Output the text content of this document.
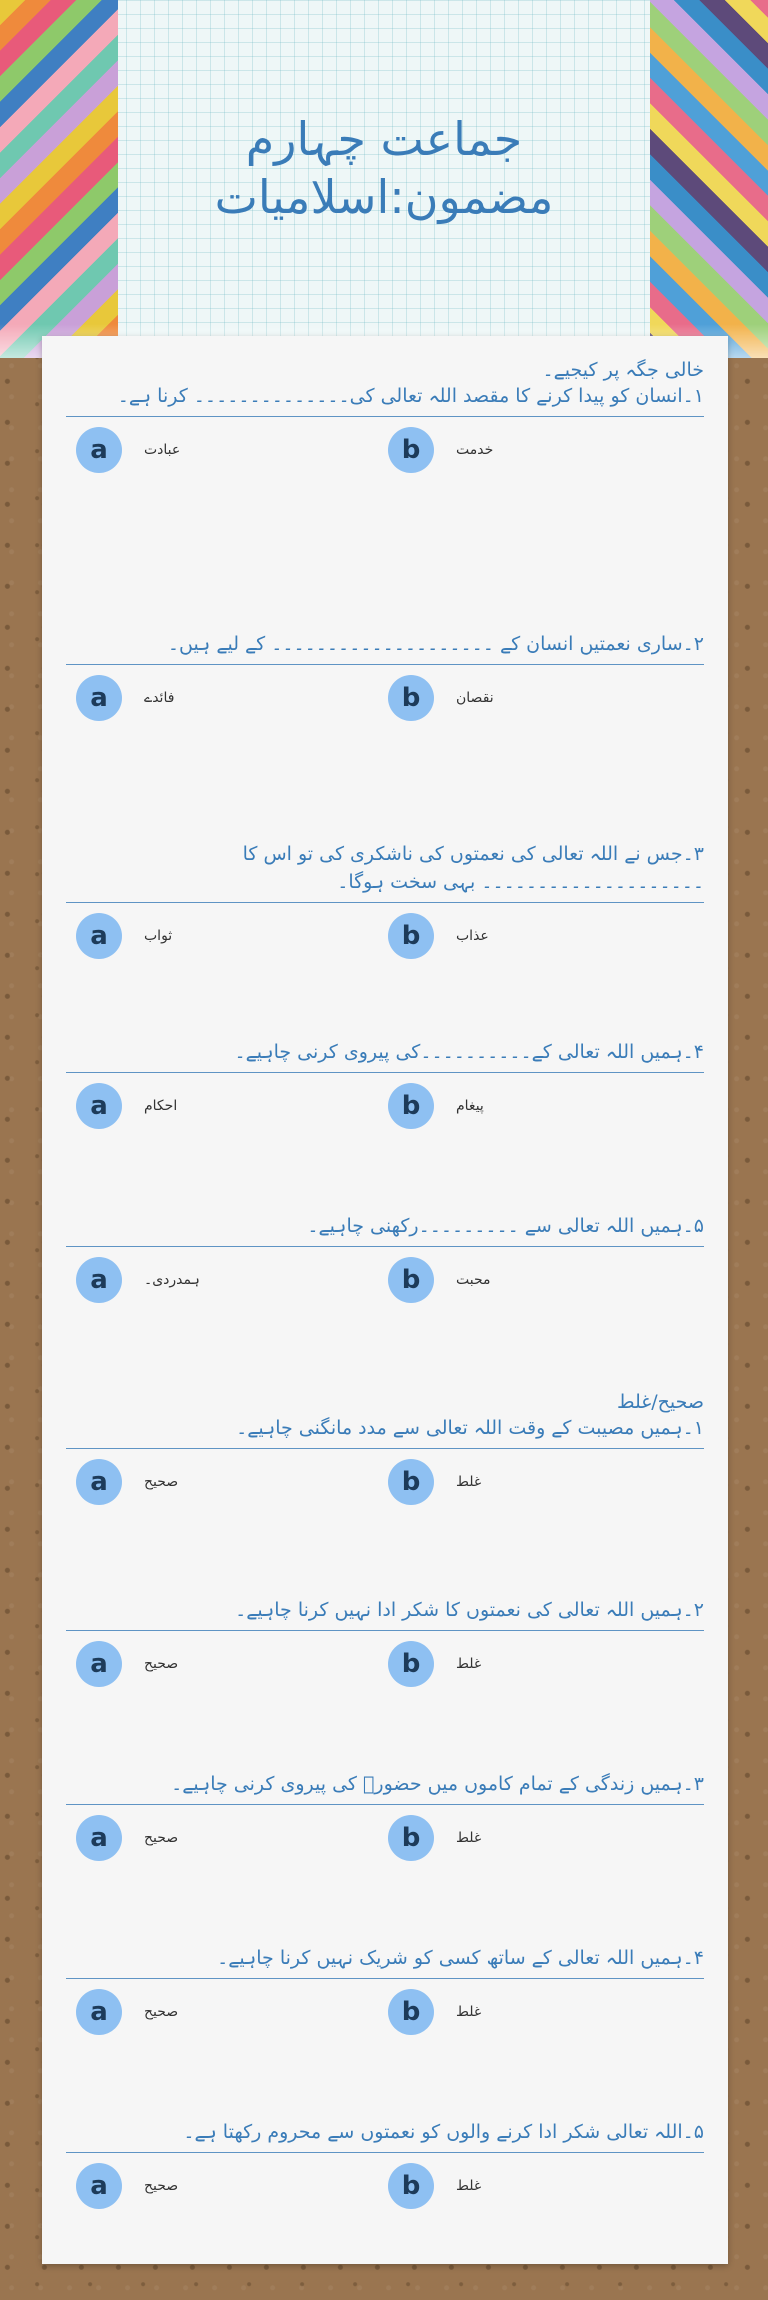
جماعت چہارم
مضمون:اسلامیات
خالی جگہ پر کیجیے۔
۱۔انسان کو پیدا کرنے کا مقصد اللہ تعالی کی۔۔۔۔۔۔۔۔۔۔۔۔۔۔ کرنا ہے۔
a	عبادت	b	خدمت
۲۔ساری نعمتیں انسان کے ۔۔۔۔۔۔۔۔۔۔۔۔۔۔۔۔۔۔۔۔ کے لیے ہیں۔
a	فائدے	b	نقصان
۳۔جس نے اللہ تعالی کی نعمتوں کی ناشکری کی تو اس کا ۔۔۔۔۔۔۔۔۔۔۔۔۔۔۔۔۔۔۔۔ بہی سخت ہوگا۔
a	ثواب	b	عذاب
۴۔ہمیں اللہ تعالی کے۔۔۔۔۔۔۔۔۔۔کی پیروی کرنی چاہیے۔
a	احکام	b	پیغام
۵۔ہمیں اللہ تعالی سے ۔۔۔۔۔۔۔۔۔رکھنی چاہیے۔
a	ہمدردی۔	b	محبت
صحیح/غلط
۱۔ہمیں مصیبت کے وقت اللہ تعالی سے مدد مانگنی چاہیے۔
a	صحیح	b	غلط
۲۔ہمیں اللہ تعالی کی نعمتوں کا شکر ادا نہیں کرنا چاہیے۔
a	صحیح	b	غلط
۳۔ہمیں زندگی کے تمام کاموں میں حضورؐ کی پیروی کرنی چاہیے۔
a	صحیح	b	غلط
۴۔ہمیں اللہ تعالی کے ساتھ کسی کو شریک نہیں کرنا چاہیے۔
a	صحیح	b	غلط
۵۔اللہ تعالی شکر ادا کرنے والوں کو نعمتوں سے محروم رکھتا ہے۔
a	صحیح	b	غلط
